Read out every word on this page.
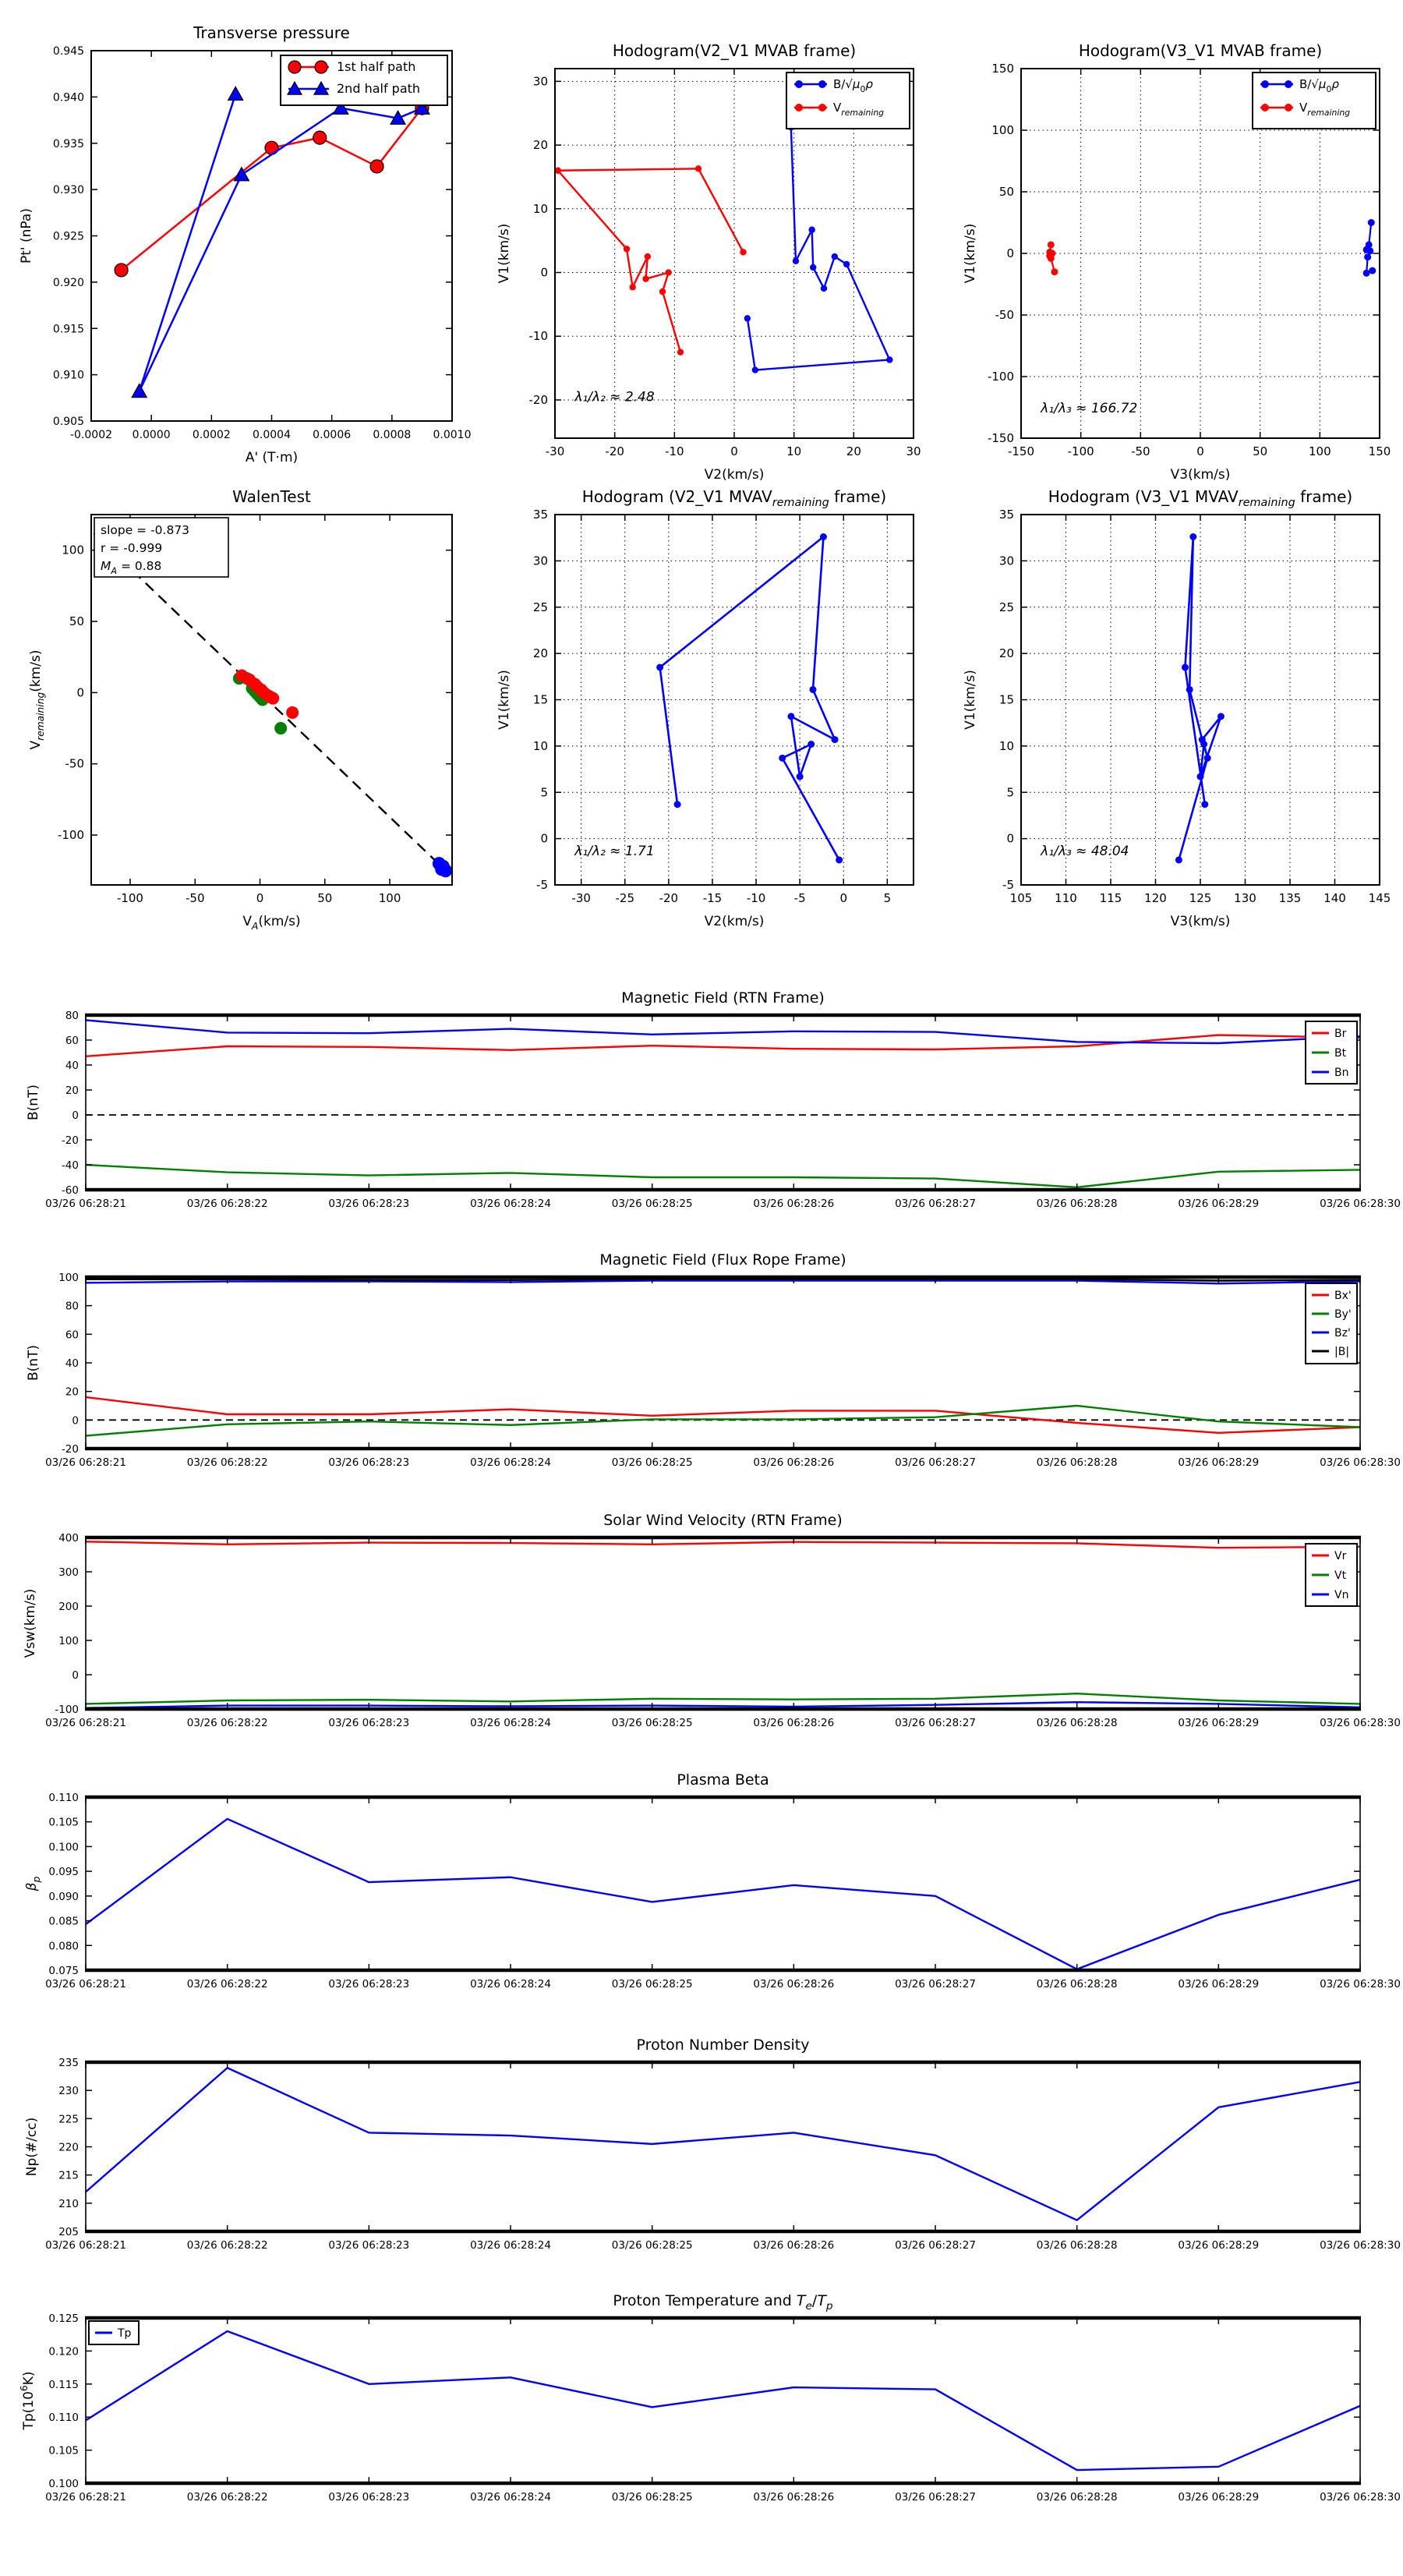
-0.0002 0.0000 0.0002 0.0004 0.0006 0.0008 0.0010
0.905
0.910
0.915
0.920
0.925
0.930
0.935
0.940
0.945
Transverse pressure
A' (T·m)
Pt' (nPa)
1st half path
2nd half path
-30	-20	-10	0	10	20	30
-20
-10
0
10
20
30
Hodogram(V2_V1 MVAB frame)
V2(km/s)
V1(km/s)
λ₁/λ₂ ≈ 2.48
$B/√\mu_0\rho$
$V_{remaining}$
-150	-100	-50	0	50	100	150
-150
-100
-50
0
50
100
150
Hodogram(V3_V1 MVAB frame)
V3(km/s)
V1(km/s)
λ₁/λ₃ ≈ 166.72
$B/√\mu_0\rho$
$V_{remaining}$
-100	-50	0	50	100
-100
-50
0
50
100
WalenTest
$V_A(km/s)$
$V_{remaining}(km/s)$
slope = -0.873
r = -0.999
$M_A = 0.88$
-30 -25 -20 -15 -10 -5	0	5
-5
0
5
10
15
20
25
30
35
Hodogram (V2_V1 $MVAV_{remaining}$ frame)
V2(km/s)
V1(km/s)
λ₁/λ₂ ≈ 1.71
105 110 115 120 125 130 135 140 145
-5
0
5
10
15
20
25
30
35
Hodogram (V3_V1 $MVAV_{remaining}$ frame)
V3(km/s)
V1(km/s)
λ₁/λ₃ ≈ 48.04
03/26 06:28:21	03/26 06:28:22	03/26 06:28:23	03/26 06:28:24	03/26 06:28:25	03/26 06:28:26	03/26 06:28:27	03/26 06:28:28	03/26 06:28:29	03/26 06:28:30
-60
-40
-20
0
20
40
60
80
Magnetic Field (RTN Frame)
B(nT)
Br
Bt
Bn
03/26 06:28:21	03/26 06:28:22	03/26 06:28:23	03/26 06:28:24	03/26 06:28:25	03/26 06:28:26	03/26 06:28:27	03/26 06:28:28	03/26 06:28:29	03/26 06:28:30
-20
0
20
40
60
80
100
Magnetic Field (Flux Rope Frame)
B(nT)
Bx'
By'
Bz'
|B|
03/26 06:28:21	03/26 06:28:22	03/26 06:28:23	03/26 06:28:24	03/26 06:28:25	03/26 06:28:26	03/26 06:28:27	03/26 06:28:28	03/26 06:28:29	03/26 06:28:30
-100
0
100
200
300
400
Solar Wind Velocity (RTN Frame)
Vsw(km/s)
Vr
Vt
Vn
03/26 06:28:21	03/26 06:28:22	03/26 06:28:23	03/26 06:28:24	03/26 06:28:25	03/26 06:28:26	03/26 06:28:27	03/26 06:28:28	03/26 06:28:29	03/26 06:28:30
0.075
0.080
0.085
0.090
0.095
0.100
0.105
0.110
Plasma Beta
$\beta_p$
03/26 06:28:21	03/26 06:28:22	03/26 06:28:23	03/26 06:28:24	03/26 06:28:25	03/26 06:28:26	03/26 06:28:27	03/26 06:28:28	03/26 06:28:29	03/26 06:28:30
205
210
215
220
225
230
235
Proton Number Density
Np(#/cc)
03/26 06:28:21	03/26 06:28:22	03/26 06:28:23	03/26 06:28:24	03/26 06:28:25	03/26 06:28:26	03/26 06:28:27	03/26 06:28:28	03/26 06:28:29	03/26 06:28:30
0.100
0.105
0.110
0.115
0.120
0.125
Proton Temperature and $T_e/T_p$
$Tp(10^6K)$
Tp
